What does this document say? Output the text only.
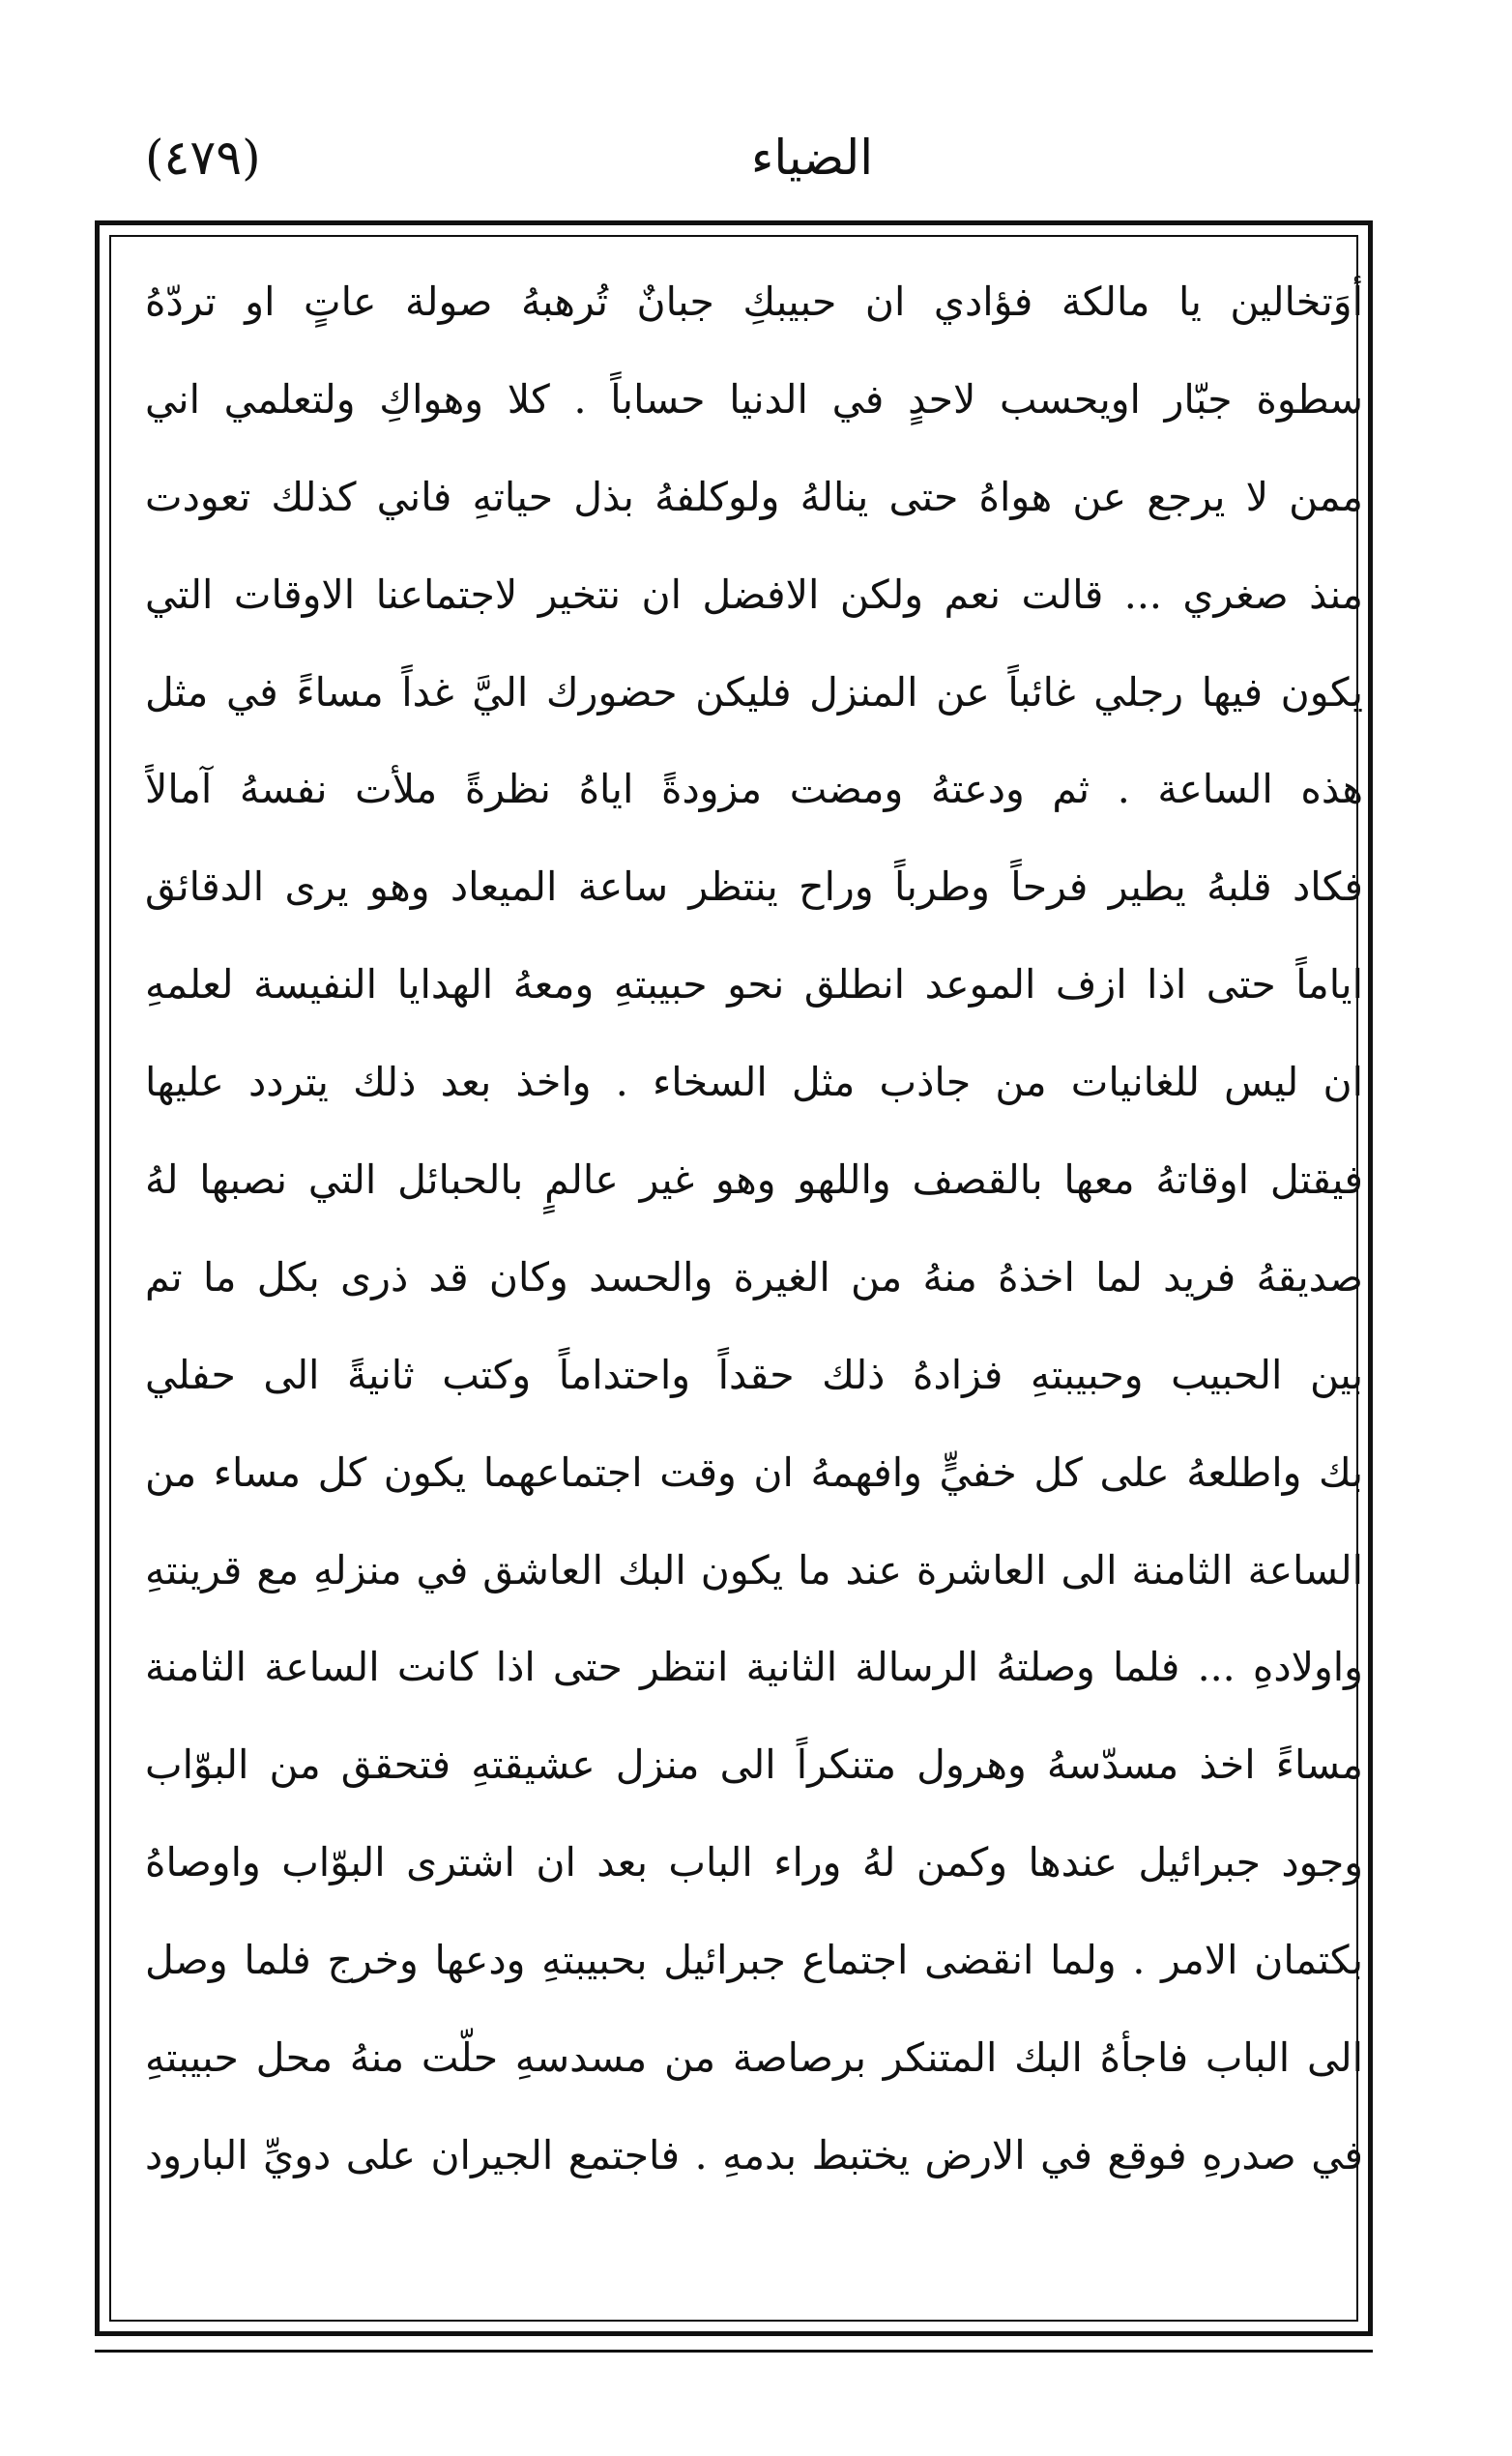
(٤٧٩)	الضياء
أوَتخالين يا مالكة فؤادي ان حبيبكِ جبانٌ تُرهبهُ صولة عاتٍ او تردّهُ
سطوة جبّار اويحسب لاحدٍ في الدنيا حساباً . كلا وهواكِ ولتعلمي اني
ممن لا يرجع عن هواهُ حتى ينالهُ ولوكلفهُ بذل حياتهِ فاني كذلك تعودت
منذ صغري ... قالت نعم ولكن الافضل ان نتخير لاجتماعنا الاوقات التي
يكون فيها رجلي غائباً عن المنزل فليكن حضورك اليَّ غداً مساءً في مثل
هذه الساعة . ثم ودعتهُ ومضت مزودةً اياهُ نظرةً ملأت نفسهُ آمالاً
فكاد قلبهُ يطير فرحاً وطرباً وراح ينتظر ساعة الميعاد وهو يرى الدقائق
اياماً حتى اذا ازف الموعد انطلق نحو حبيبتهِ ومعهُ الهدايا النفيسة لعلمهِ
ان ليس للغانيات من جاذب مثل السخاء . واخذ بعد ذلك يتردد عليها
فيقتل اوقاتهُ معها بالقصف واللهو وهو غير عالمٍ بالحبائل التي نصبها لهُ
صديقهُ فريد لما اخذهُ منهُ من الغيرة والحسد وكان قد ذرى بكل ما تم
بين الحبيب وحبيبتهِ فزادهُ ذلك حقداً واحتداماً وكتب ثانيةً الى حفلي
بك واطلعهُ على كل خفيٍّ وافهمهُ ان وقت اجتماعهما يكون كل مساء من
الساعة الثامنة الى العاشرة عند ما يكون البك العاشق في منزلهِ مع قرينتهِ
واولادهِ ... فلما وصلتهُ الرسالة الثانية انتظر حتى اذا كانت الساعة الثامنة
مساءً اخذ مسدّسهُ وهرول متنكراً الى منزل عشيقتهِ فتحقق من البوّاب
وجود جبرائيل عندها وكمن لهُ وراء الباب بعد ان اشترى البوّاب واوصاهُ
بكتمان الامر . ولما انقضى اجتماع جبرائيل بحبيبتهِ ودعها وخرج فلما وصل
الى الباب فاجأهُ البك المتنكر برصاصة من مسدسهِ حلّت منهُ محل حبيبتهِ
في صدرهِ فوقع في الارض يختبط بدمهِ . فاجتمع الجيران على دويِّ البارود
